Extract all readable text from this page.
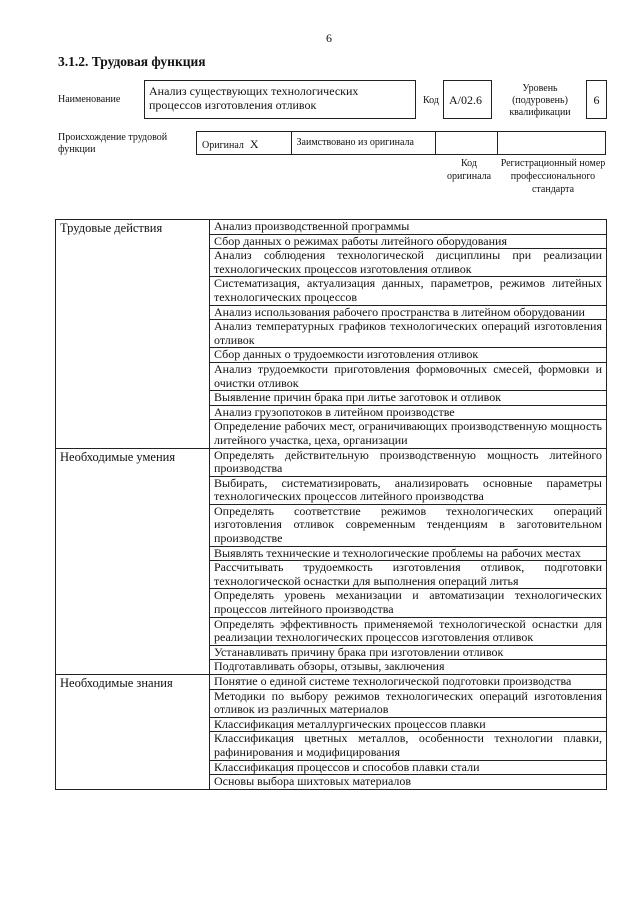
6
3.1.2. Трудовая функция
Наименование
Анализ существующих технологических процессов изготовления отливок	Код A/02.6
Уровень (подуровень) квалификации
6
Происхождение трудовой функции	Оригинал X	Заимствовано из оригинала
Код оригинала
Регистрационный номер профессионального стандарта
Трудовые действия	Анализ производственной программы
	Сбор данных о режимах работы литейного оборудования
	Анализ соблюдения технологической дисциплины при реализации технологических процессов изготовления отливок
	Систематизация, актуализация данных, параметров, режимов литейных технологических процессов
	Анализ использования рабочего пространства в литейном оборудовании
	Анализ температурных графиков технологических операций изготовления отливок
	Сбор данных о трудоемкости изготовления отливок
	Анализ трудоемкости приготовления формовочных смесей, формовки и очистки отливок
	Выявление причин брака при литье заготовок и отливок
	Анализ грузопотоков в литейном производстве
	Определение рабочих мест, ограничивающих производственную мощность литейного участка, цеха, организации
Необходимые умения	Определять действительную производственную мощность литейного производства
	Выбирать, систематизировать, анализировать основные параметры технологических процессов литейного производства
	Определять соответствие режимов технологических операций изготовления отливок современным тенденциям в заготовительном производстве
	Выявлять технические и технологические проблемы на рабочих местах
	Рассчитывать трудоемкость изготовления отливок, подготовки технологической оснастки для выполнения операций литья
	Определять уровень механизации и автоматизации технологических процессов литейного производства
	Определять эффективность применяемой технологической оснастки для реализации технологических процессов изготовления отливок
	Устанавливать причину брака при изготовлении отливок
	Подготавливать обзоры, отзывы, заключения
Необходимые знания	Понятие о единой системе технологической подготовки производства
	Методики по выбору режимов технологических операций изготовления отливок из различных материалов
	Классификация металлургических процессов плавки
	Классификация цветных металлов, особенности технологии плавки, рафинирования и модифицирования
	Классификация процессов и способов плавки стали
	Основы выбора шихтовых материалов
